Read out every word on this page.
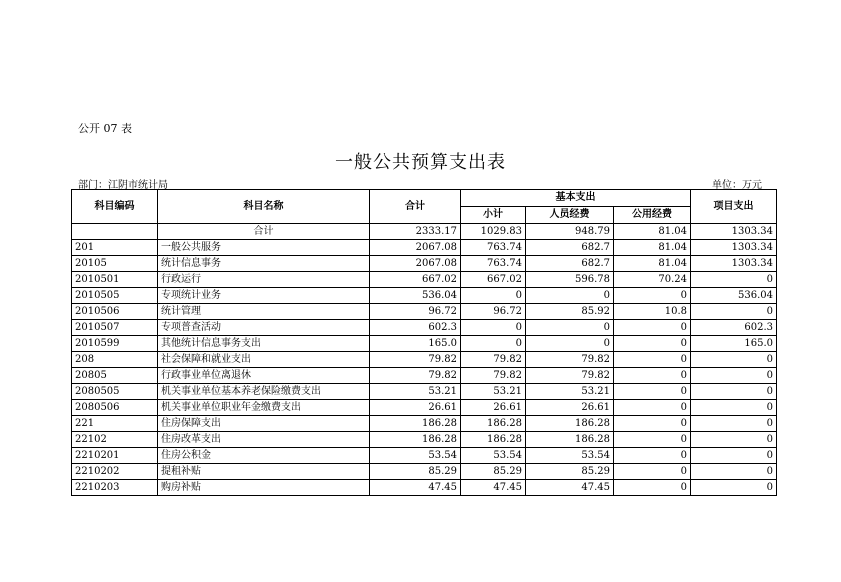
公开 07 表
一般公共预算支出表
部门：江阴市统计局	单位：万元
科目编码	科目名称	合计	基本支出			项目支出
			小计	人员经费	公用经费	
	合计	2333.17	1029.83	948.79	81.04	1303.34
201	一般公共服务	2067.08	763.74	682.7	81.04	1303.34
20105	统计信息事务	2067.08	763.74	682.7	81.04	1303.34
2010501	行政运行	667.02	667.02	596.78	70.24	0
2010505	专项统计业务	536.04	0	0	0	536.04
2010506	统计管理	96.72	96.72	85.92	10.8	0
2010507	专项普查活动	602.3	0	0	0	602.3
2010599	其他统计信息事务支出	165.0	0	0	0	165.0
208	社会保障和就业支出	79.82	79.82	79.82	0	0
20805	行政事业单位离退休	79.82	79.82	79.82	0	0
2080505	机关事业单位基本养老保险缴费支出	53.21	53.21	53.21	0	0
2080506	机关事业单位职业年金缴费支出	26.61	26.61	26.61	0	0
221	住房保障支出	186.28	186.28	186.28	0	0
22102	住房改革支出	186.28	186.28	186.28	0	0
2210201	住房公积金	53.54	53.54	53.54	0	0
2210202	提租补贴	85.29	85.29	85.29	0	0
2210203	购房补贴	47.45	47.45	47.45	0	0
